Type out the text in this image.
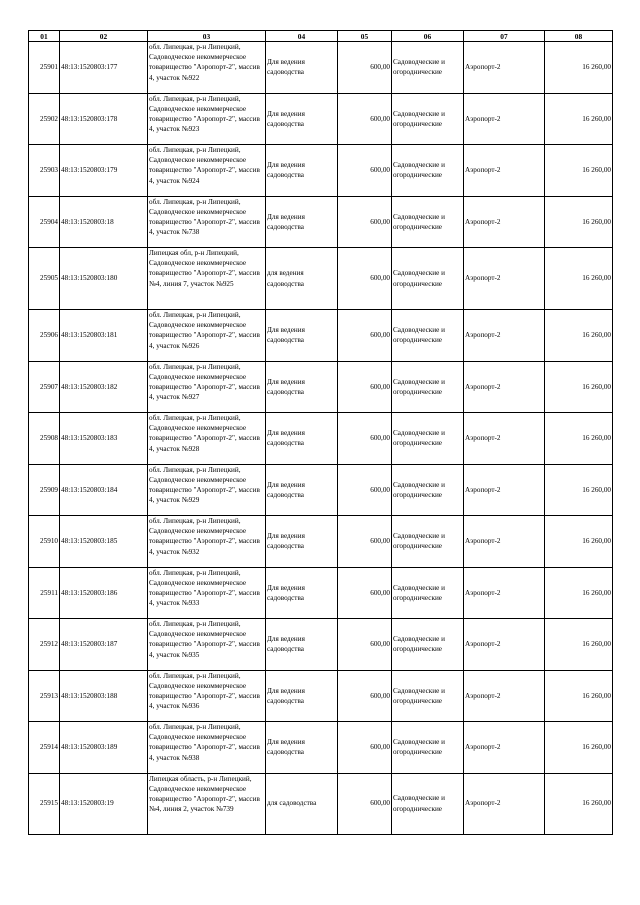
01	02	03	04	05	06	07	08
25901	48:13:1520803:177	обл. Липецкая, р-н Липецкий, Садоводческое некоммерческое товарищество "Аэропорт-2", массив 4, участок №922	Для ведения садоводства	600,00	Садоводческие и огороднические	Аэропорт-2	16 260,00
25902	48:13:1520803:178	обл. Липецкая, р-н Липецкий, Садоводческое некоммерческое товарищество "Аэропорт-2", массив 4, участок №923	Для ведения садоводства	600,00	Садоводческие и огороднические	Аэропорт-2	16 260,00
25903	48:13:1520803:179	обл. Липецкая, р-н Липецкий, Садоводческое некоммерческое товарищество "Аэропорт-2", массив 4, участок №924	Для ведения садоводства	600,00	Садоводческие и огороднические	Аэропорт-2	16 260,00
25904	48:13:1520803:18	обл. Липецкая, р-н Липецкий, Садоводческое некоммерческое товарищество "Аэропорт-2", массив 4, участок №738	Для ведения садоводства	600,00	Садоводческие и огороднические	Аэропорт-2	16 260,00
25905	48:13:1520803:180	Липецкая обл, р-н Липецкий, Садоводческое некоммерческое товарищество "Аэропорт-2", массив №4, линия 7, участок №925	для ведения садоводства	600,00	Садоводческие и огороднические	Аэропорт-2	16 260,00
25906	48:13:1520803:181	обл. Липецкая, р-н Липецкий, Садоводческое некоммерческое товарищество "Аэропорт-2", массив 4, участок №926	Для ведения садоводства	600,00	Садоводческие и огороднические	Аэропорт-2	16 260,00
25907	48:13:1520803:182	обл. Липецкая, р-н Липецкий, Садоводческое некоммерческое товарищество "Аэропорт-2", массив 4, участок №927	Для ведения садоводства	600,00	Садоводческие и огороднические	Аэропорт-2	16 260,00
25908	48:13:1520803:183	обл. Липецкая, р-н Липецкий, Садоводческое некоммерческое товарищество "Аэропорт-2", массив 4, участок №928	Для ведения садоводства	600,00	Садоводческие и огороднические	Аэропорт-2	16 260,00
25909	48:13:1520803:184	обл. Липецкая, р-н Липецкий, Садоводческое некоммерческое товарищество "Аэропорт-2", массив 4, участок №929	Для ведения садоводства	600,00	Садоводческие и огороднические	Аэропорт-2	16 260,00
25910	48:13:1520803:185	обл. Липецкая, р-н Липецкий, Садоводческое некоммерческое товарищество "Аэропорт-2", массив 4, участок №932	Для ведения садоводства	600,00	Садоводческие и огороднические	Аэропорт-2	16 260,00
25911	48:13:1520803:186	обл. Липецкая, р-н Липецкий, Садоводческое некоммерческое товарищество "Аэропорт-2", массив 4, участок №933	Для ведения садоводства	600,00	Садоводческие и огороднические	Аэропорт-2	16 260,00
25912	48:13:1520803:187	обл. Липецкая, р-н Липецкий, Садоводческое некоммерческое товарищество "Аэропорт-2", массив 4, участок №935	Для ведения садоводства	600,00	Садоводческие и огороднические	Аэропорт-2	16 260,00
25913	48:13:1520803:188	обл. Липецкая, р-н Липецкий, Садоводческое некоммерческое товарищество "Аэропорт-2", массив 4, участок №936	Для ведения садоводства	600,00	Садоводческие и огороднические	Аэропорт-2	16 260,00
25914	48:13:1520803:189	обл. Липецкая, р-н Липецкий, Садоводческое некоммерческое товарищество "Аэропорт-2", массив 4, участок №938	Для ведения садоводства	600,00	Садоводческие и огороднические	Аэропорт-2	16 260,00
25915	48:13:1520803:19	Липецкая область, р-н Липецкий, Садоводческое некоммерческое товарищество "Аэропорт-2", массив №4, линия 2, участок №739	для садоводства	600,00	Садоводческие и огороднические	Аэропорт-2	16 260,00
